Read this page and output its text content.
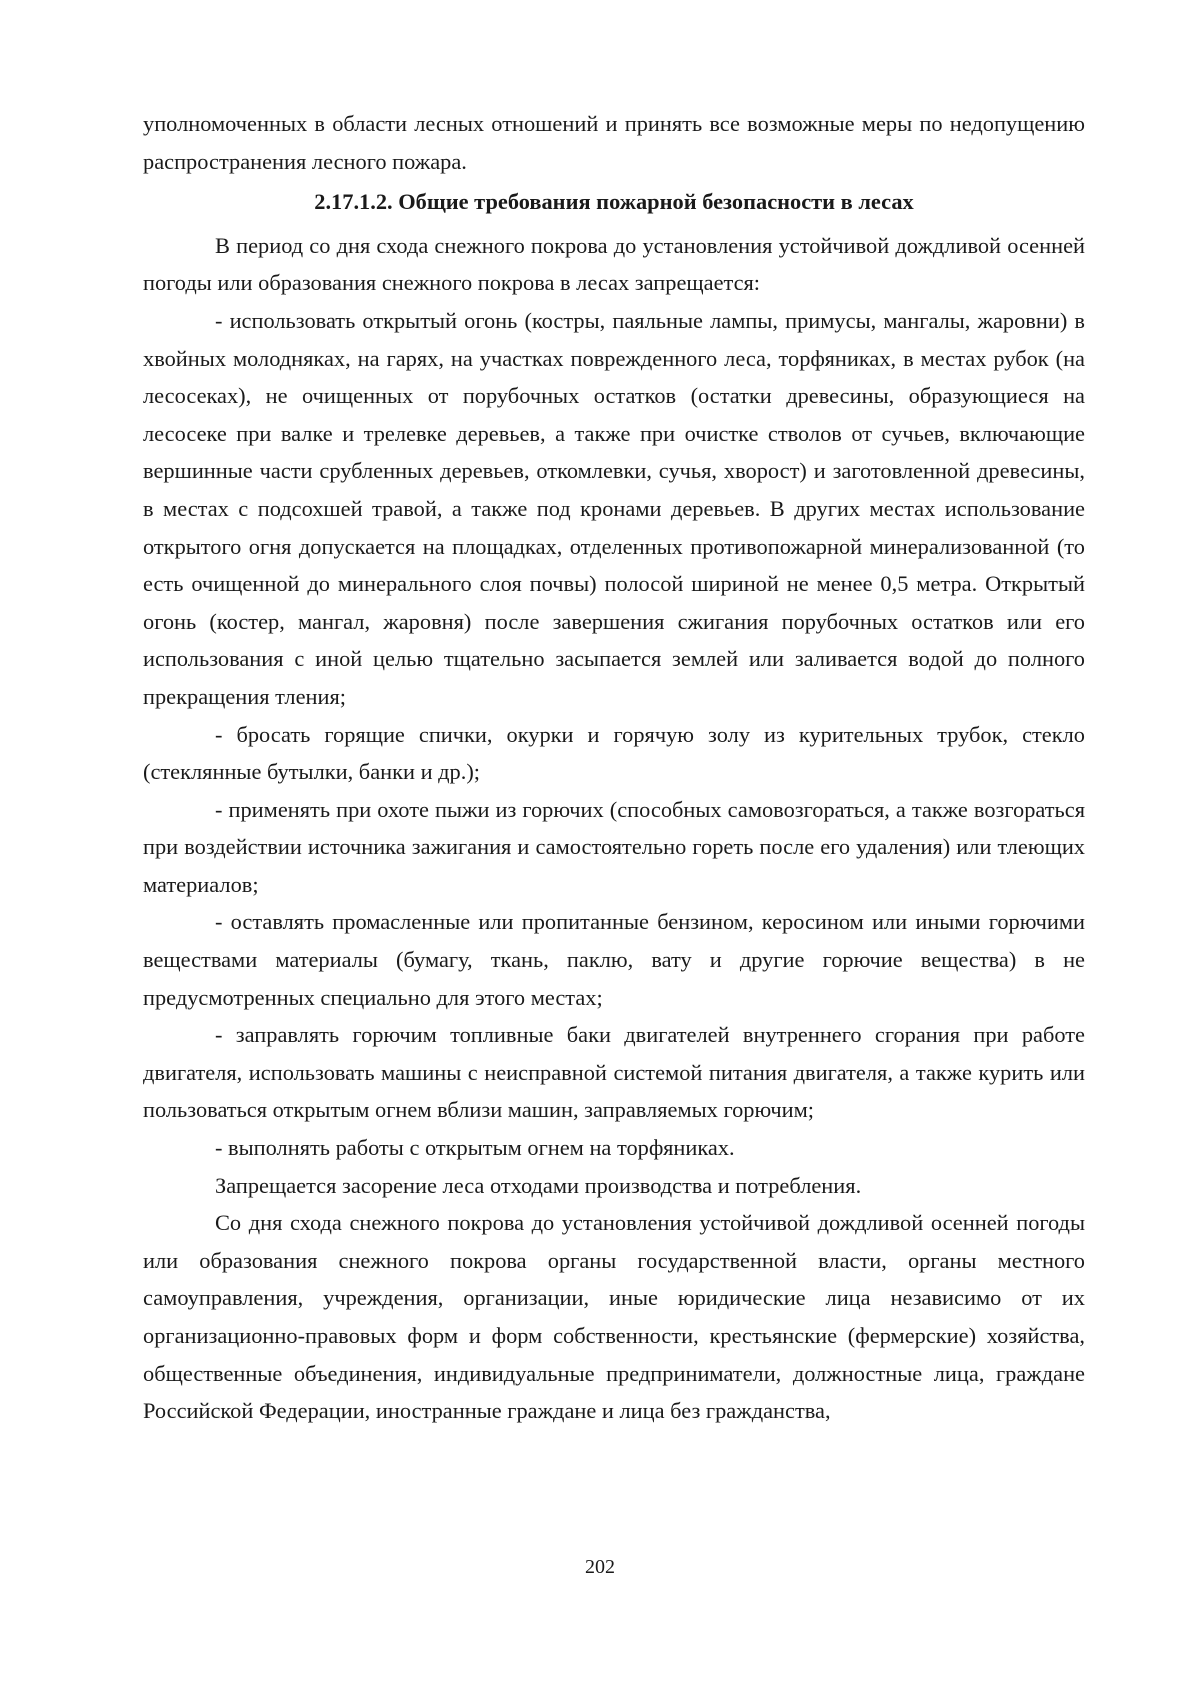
уполномоченных в области лесных отношений и принять все возможные меры по недопущению распространения лесного пожара.

2.17.1.2. Общие требования пожарной безопасности в лесах

В период со дня схода снежного покрова до установления устойчивой дождливой осенней погоды или образования снежного покрова в лесах запрещается:

- использовать открытый огонь (костры, паяльные лампы, примусы, мангалы, жаровни) в хвойных молодняках, на гарях, на участках поврежденного леса, торфяниках, в местах рубок (на лесосеках), не очищенных от порубочных остатков (остатки древесины, образующиеся на лесосеке при валке и трелевке деревьев, а также при очистке стволов от сучьев, включающие вершинные части срубленных деревьев, откомлевки, сучья, хворост) и заготовленной древесины, в местах с подсохшей травой, а также под кронами деревьев. В других местах использование открытого огня допускается на площадках, отделенных противопожарной минерализованной (то есть очищенной до минерального слоя почвы) полосой шириной не менее 0,5 метра. Открытый огонь (костер, мангал, жаровня) после завершения сжигания порубочных остатков или его использования с иной целью тщательно засыпается землей или заливается водой до полного прекращения тления;

- бросать горящие спички, окурки и горячую золу из курительных трубок, стекло (стеклянные бутылки, банки и др.);

- применять при охоте пыжи из горючих (способных самовозгораться, а также возгораться при воздействии источника зажигания и самостоятельно гореть после его удаления) или тлеющих материалов;

- оставлять промасленные или пропитанные бензином, керосином или иными горючими веществами материалы (бумагу, ткань, паклю, вату и другие горючие вещества) в не предусмотренных специально для этого местах;

- заправлять горючим топливные баки двигателей внутреннего сгорания при работе двигателя, использовать машины с неисправной системой питания двигателя, а также курить или пользоваться открытым огнем вблизи машин, заправляемых горючим;

- выполнять работы с открытым огнем на торфяниках.

Запрещается засорение леса отходами производства и потребления.

Со дня схода снежного покрова до установления устойчивой дождливой осенней погоды или образования снежного покрова органы государственной власти, органы местного самоуправления, учреждения, организации, иные юридические лица независимо от их организационно-правовых форм и форм собственности, крестьянские (фермерские) хозяйства, общественные объединения, индивидуальные предприниматели, должностные лица, граждане Российской Федерации, иностранные граждане и лица без гражданства,

202
